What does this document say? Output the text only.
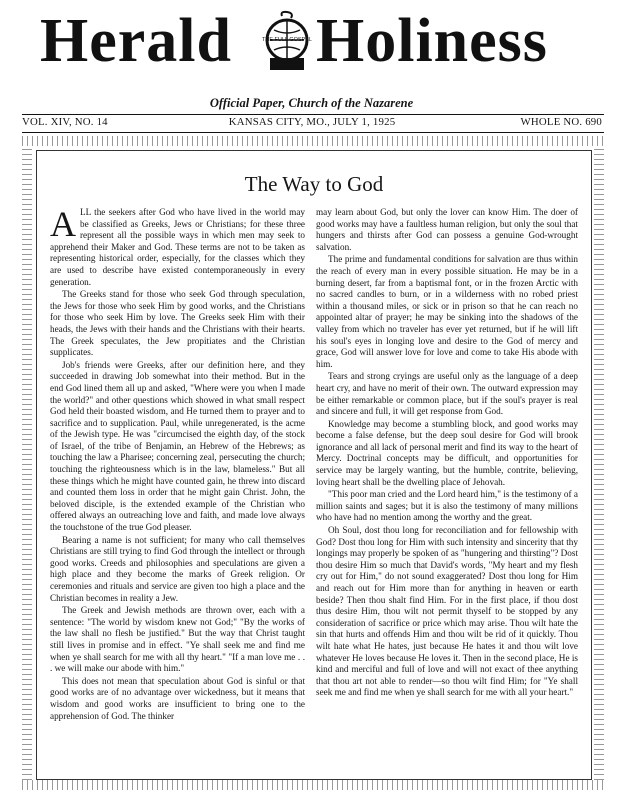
Herald	THE FULL GOSPEL Holiness
Official Paper, Church of the Nazarene
VOL. XIV, NO. 14	KANSAS CITY, MO., JULY 1, 1925	WHOLE NO. 690
The Way to God

ALL the seekers after God who have lived in the world may be classified as Greeks, Jews or Christians; for these three represent all the possible ways in which men may seek to apprehend their Maker and God. These terms are not to be taken as representing historical order, especially, for the classes which they are used to describe have existed contemporaneously in every generation.

The Greeks stand for those who seek God through speculation, the Jews for those who seek Him by good works, and the Christians for those who seek Him by love. The Greeks seek Him with their heads, the Jews with their hands and the Christians with their hearts. The Greek speculates, the Jew propitiates and the Christian supplicates.

Job's friends were Greeks, after our definition here, and they succeeded in drawing Job somewhat into their method. But in the end God lined them all up and asked, "Where were you when I made the world?" and other questions which showed in what small respect God held their boasted wisdom, and He turned them to prayer and to sacrifice and to supplication. Paul, while unregenerated, is the acme of the Jewish type. He was "circumcised the eighth day, of the stock of Israel, of the tribe of Benjamin, an Hebrew of the Hebrews; as touching the law a Pharisee; concerning zeal, persecuting the church; touching the righteousness which is in the law, blameless." But all these things which he might have counted gain, he threw into discard and counted them loss in order that he might gain Christ. John, the beloved disciple, is the extended example of the Christian who offered always an outreaching love and faith, and made love always the touchstone of the true God pleaser.

Bearing a name is not sufficient; for many who call themselves Christians are still trying to find God through the intellect or through good works. Creeds and philosophies and speculations are given a high place and they become the marks of Greek religion. Or ceremonies and rituals and service are given too high a place and the Christian becomes in reality a Jew.

The Greek and Jewish methods are thrown over, each with a sentence: "The world by wisdom knew not God;" "By the works of the law shall no flesh be justified." But the way that Christ taught still lives in promise and in effect. "Ye shall seek me and find me when ye shall search for me with all thy heart." "If a man love me . . . we will make our abode with him."

This does not mean that speculation about God is sinful or that good works are of no advantage over wickedness, but it means that wisdom and good works are insufficient to bring one to the apprehension of God. The thinker

may learn about God, but only the lover can know Him. The doer of good works may have a faultless human religion, but only the soul that hungers and thirsts after God can possess a genuine God-wrought salvation.

The prime and fundamental conditions for salvation are thus within the reach of every man in every possible situation. He may be in a burning desert, far from a baptismal font, or in the frozen Arctic with no sacred candles to burn, or in a wilderness with no robed priest within a thousand miles, or sick or in prison so that he can reach no appointed altar of prayer; he may be sinking into the shadows of the valley from which no traveler has ever yet returned, but if he will lift his soul's eyes in longing love and desire to the God of mercy and grace, God will answer love for love and come to take His abode with him.

Tears and strong cryings are useful only as the language of a deep heart cry, and have no merit of their own. The outward expression may be either remarkable or common place, but if the soul's prayer is real and sincere and full, it will get response from God.

Knowledge may become a stumbling block, and good works may become a false defense, but the deep soul desire for God will brook ignorance and all lack of personal merit and find its way to the heart of Mercy. Doctrinal concepts may be difficult, and opportunities for service may be largely wanting, but the humble, contrite, believing, loving heart shall be the dwelling place of Jehovah.

"This poor man cried and the Lord heard him," is the testimony of a million saints and sages; but it is also the testimony of many millions who have had no mention among the worthy and the great.

Oh Soul, dost thou long for reconciliation and for fellowship with God? Dost thou long for Him with such intensity and sincerity that thy longings may properly be spoken of as "hungering and thirsting"? Dost thou desire Him so much that David's words, "My heart and my flesh cry out for Him," do not sound exaggerated? Dost thou long for Him and reach out for Him more than for anything in heaven or earth beside? Then thou shalt find Him. For in the first place, if thou dost thus desire Him, thou wilt not permit thyself to be stopped by any consideration of sacrifice or price which may arise. Thou wilt hate the sin that hurts and offends Him and thou wilt be rid of it quickly. Thou wilt hate what He hates, just because He hates it and thou wilt love whatever He loves because He loves it. Then in the second place, He is kind and merciful and full of love and will not exact of thee anything that thou art not able to render—so thou wilt find Him; for "Ye shall seek me and find me when ye shall search for me with all your heart."
